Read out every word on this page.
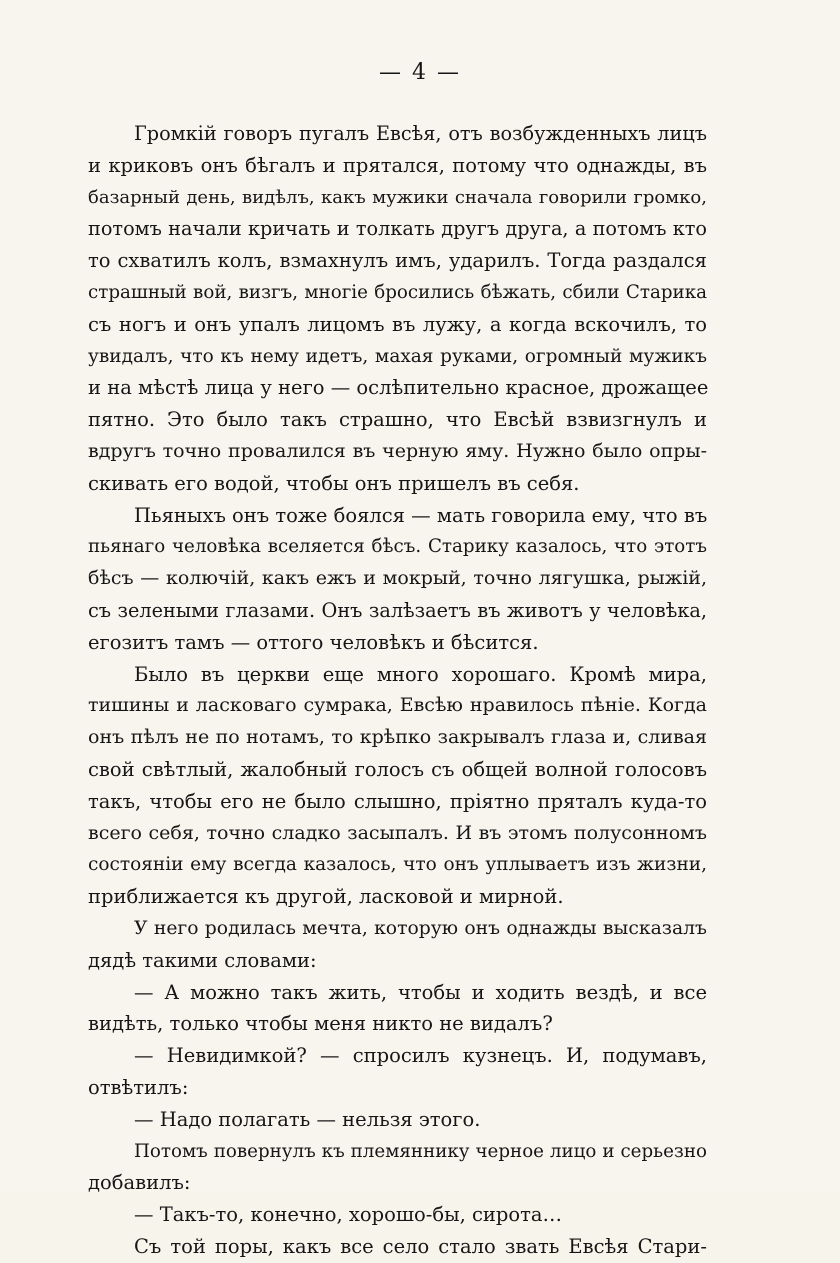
— 4 —
Громкій говоръ пугалъ Евсѣя, отъ возбужденныхъ лицъ
и криковъ онъ бѣгалъ и прятался, потому что однажды, въ
базарный день, видѣлъ, какъ мужики сначала говорили громко,
потомъ начали кричать и толкать другъ друга, а потомъ кто
то схватилъ колъ, взмахнулъ имъ, ударилъ. Тогда раздался
страшный вой, визгъ, многіе бросились бѣжать, сбили Старика
съ ногъ и онъ упалъ лицомъ въ лужу, а когда вскочилъ, то
увидалъ, что къ нему идетъ, махая руками, огромный мужикъ
и на мѣстѣ лица у него — ослѣпительно красное, дрожащее
пятно. Это было такъ страшно, что Евсѣй взвизгнулъ и
вдругъ точно провалился въ черную яму. Нужно было опры-
скивать его водой, чтобы онъ пришелъ въ себя.
Пьяныхъ онъ тоже боялся — мать говорила ему, что въ
пьянаго человѣка вселяется бѣсъ. Старику казалось, что этотъ
бѣсъ — колючій, какъ ежъ и мокрый, точно лягушка, рыжій,
съ зелеными глазами. Онъ залѣзаетъ въ животъ у человѣка,
егозитъ тамъ — оттого человѣкъ и бѣсится.
Было въ церкви еще много хорошаго. Кромѣ мира,
тишины и ласковаго сумрака, Евсѣю нравилось пѣніе. Когда
онъ пѣлъ не по нотамъ, то крѣпко закрывалъ глаза и, сливая
свой свѣтлый, жалобный голосъ съ общей волной голосовъ
такъ, чтобы его не было слышно, пріятно пряталъ куда-то
всего себя, точно сладко засыпалъ. И въ этомъ полусонномъ
состояніи ему всегда казалось, что онъ уплываетъ изъ жизни,
приближается къ другой, ласковой и мирной.
У него родилась мечта, которую онъ однажды высказалъ
дядѣ такими словами:
— А можно такъ жить, чтобы и ходить вездѣ, и все
видѣть, только чтобы меня никто не видалъ?
— Невидимкой? — спросилъ кузнецъ. И, подумавъ,
отвѣтилъ:
— Надо полагать — нельзя этого.
Потомъ повернулъ къ племяннику черное лицо и серьезно
добавилъ:
— Такъ-то, конечно, хорошо-бы, сирота…
Съ той поры, какъ все село стало звать Евсѣя Стари-
